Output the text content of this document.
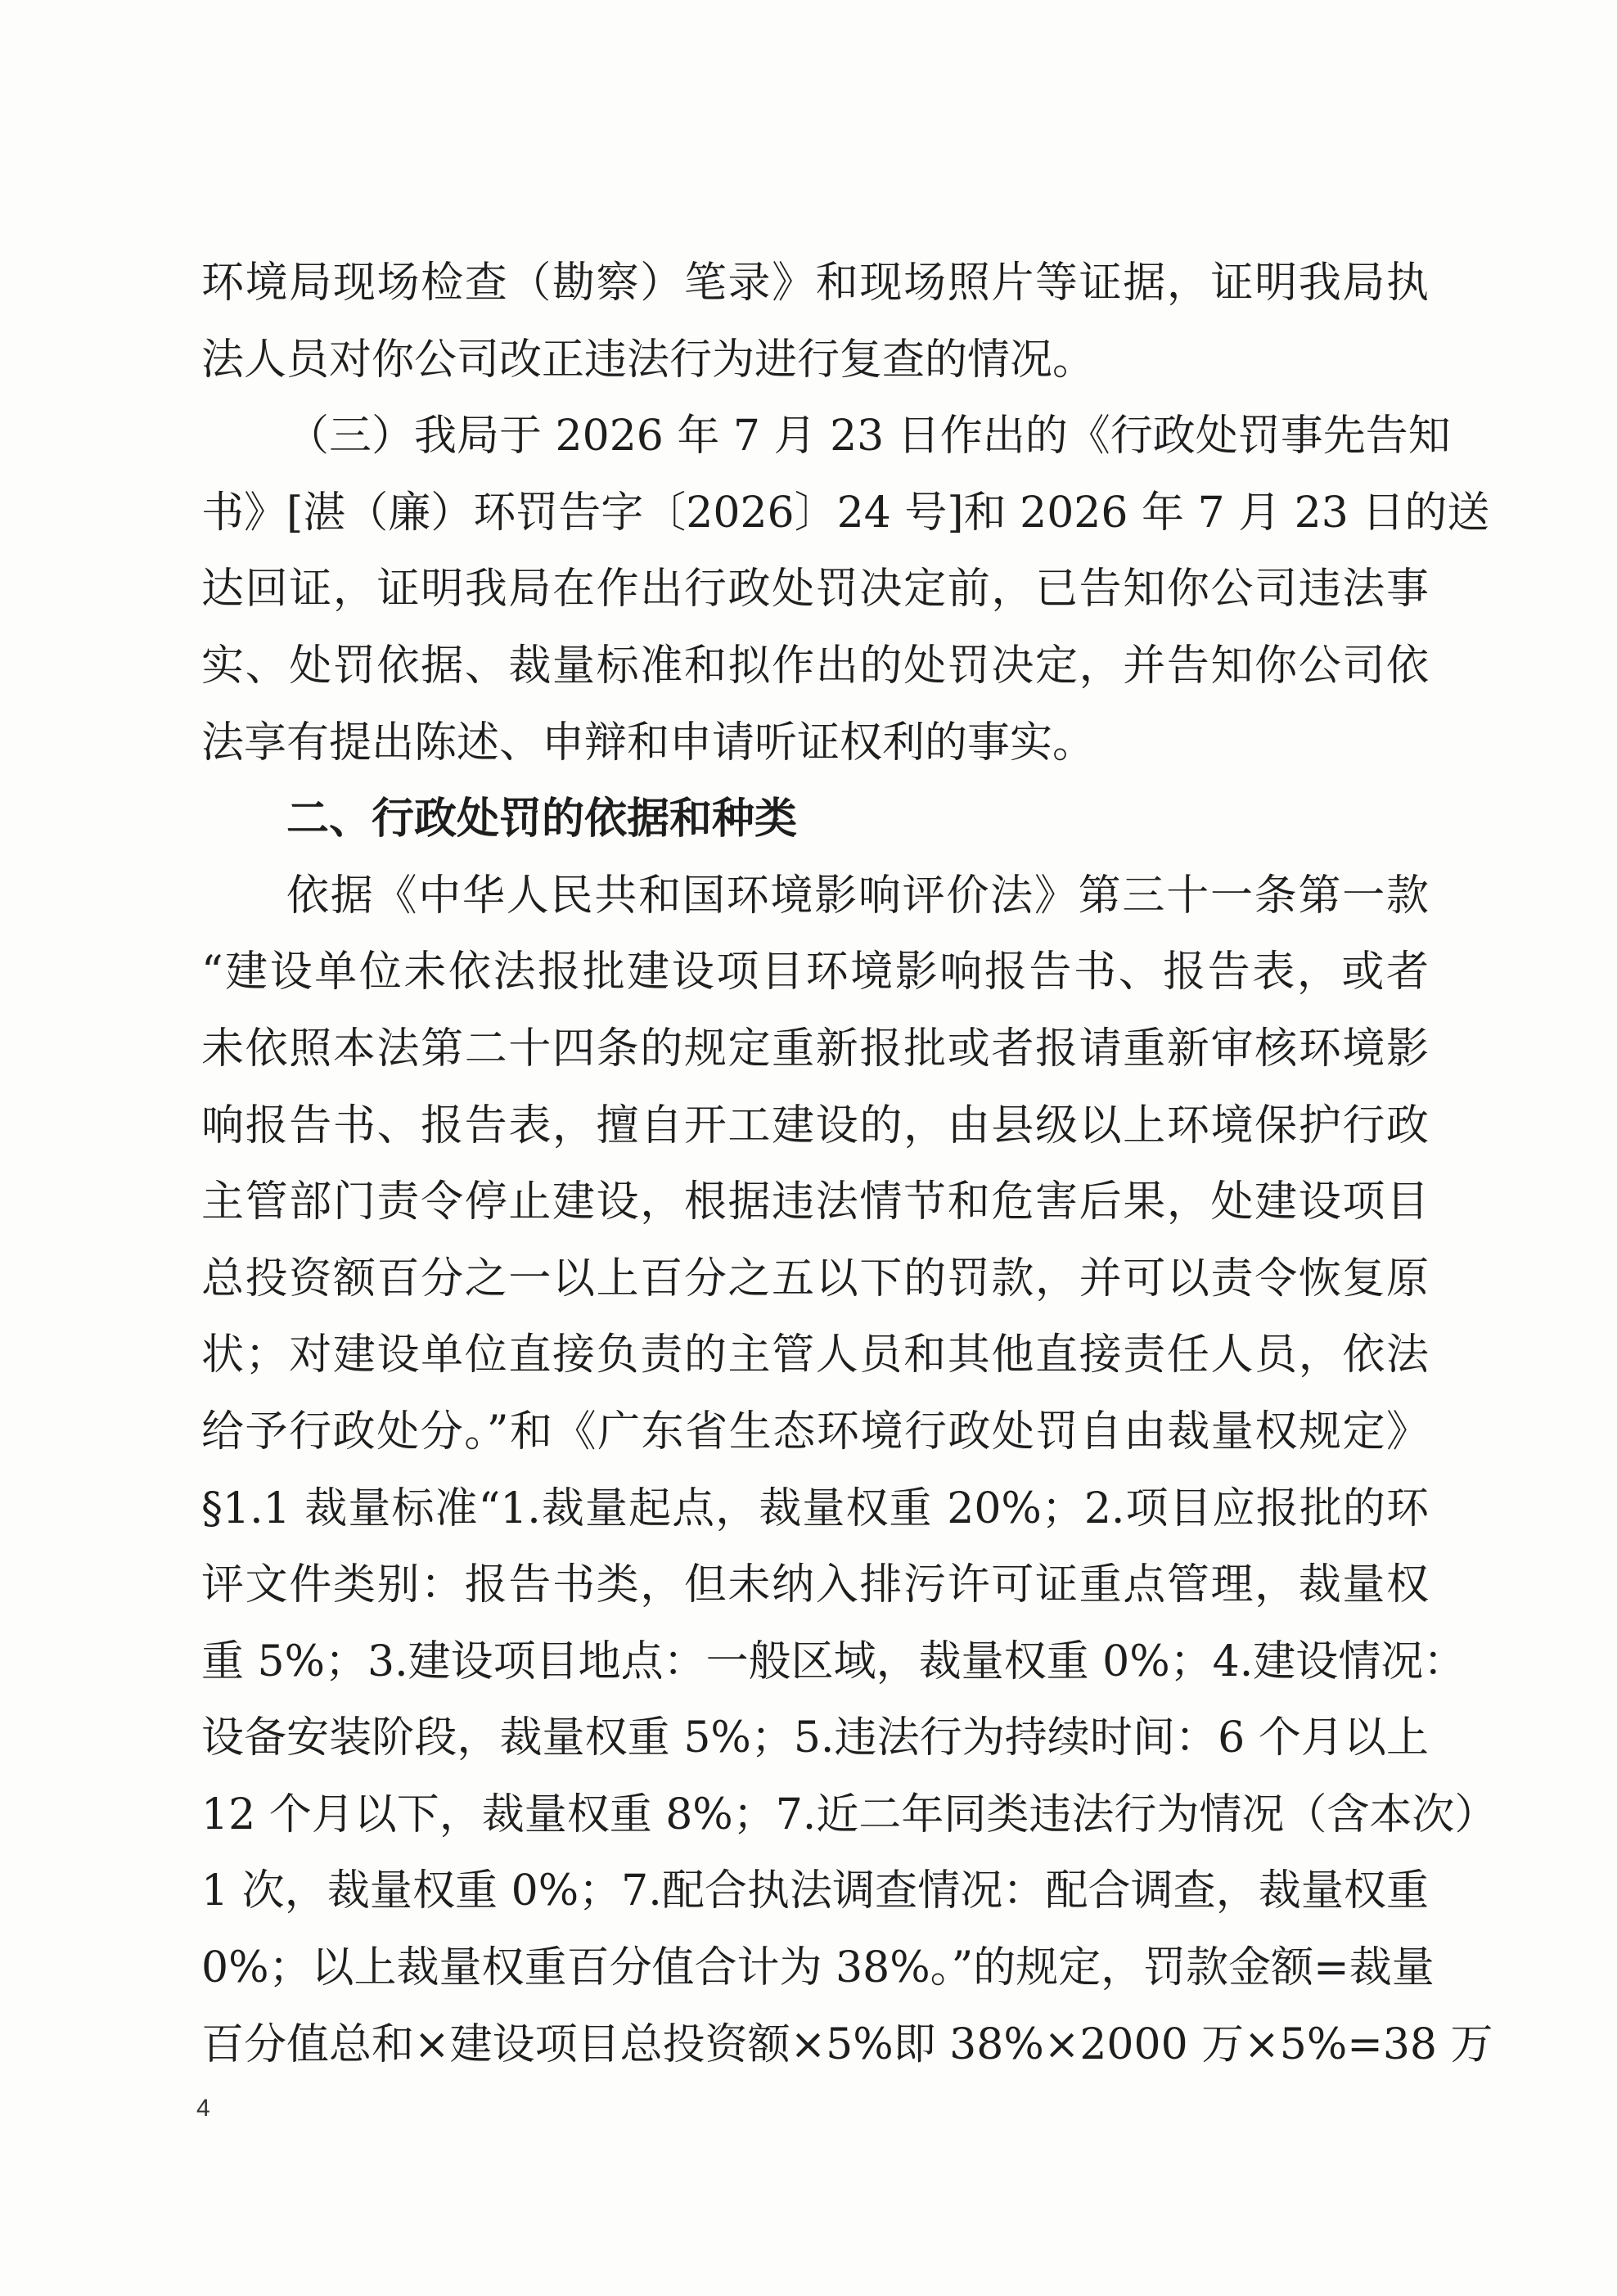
环境局现场检查（勘察）笔录》和现场照片等证据，证明我局执
法人员对你公司改正违法行为进行复查的情况。
（三）我局于 2026 年 7 月 23 日作出的《行政处罚事先告知
书》[湛（廉）环罚告字〔2026〕24 号]和 2026 年 7 月 23 日的送
达回证，证明我局在作出行政处罚决定前，已告知你公司违法事
实、处罚依据、裁量标准和拟作出的处罚决定，并告知你公司依
法享有提出陈述、申辩和申请听证权利的事实。
二、行政处罚的依据和种类
依据《中华人民共和国环境影响评价法》第三十一条第一款
“建设单位未依法报批建设项目环境影响报告书、报告表，或者
未依照本法第二十四条的规定重新报批或者报请重新审核环境影
响报告书、报告表，擅自开工建设的，由县级以上环境保护行政
主管部门责令停止建设，根据违法情节和危害后果，处建设项目
总投资额百分之一以上百分之五以下的罚款，并可以责令恢复原
状；对建设单位直接负责的主管人员和其他直接责任人员，依法
给予行政处分。”和《广东省生态环境行政处罚自由裁量权规定》
§1.1 裁量标准“1.裁量起点，裁量权重 20%；2.项目应报批的环
评文件类别：报告书类，但未纳入排污许可证重点管理，裁量权
重 5%；3.建设项目地点：一般区域，裁量权重 0%；4.建设情况：
设备安装阶段，裁量权重 5%；5.违法行为持续时间：6 个月以上
12 个月以下，裁量权重 8%；7.近二年同类违法行为情况（含本次）
1 次，裁量权重 0%；7.配合执法调查情况：配合调查，裁量权重
0%；以上裁量权重百分值合计为 38%。”的规定，罚款金额=裁量
百分值总和×建设项目总投资额×5%即 38%×2000 万×5%=38 万
4
